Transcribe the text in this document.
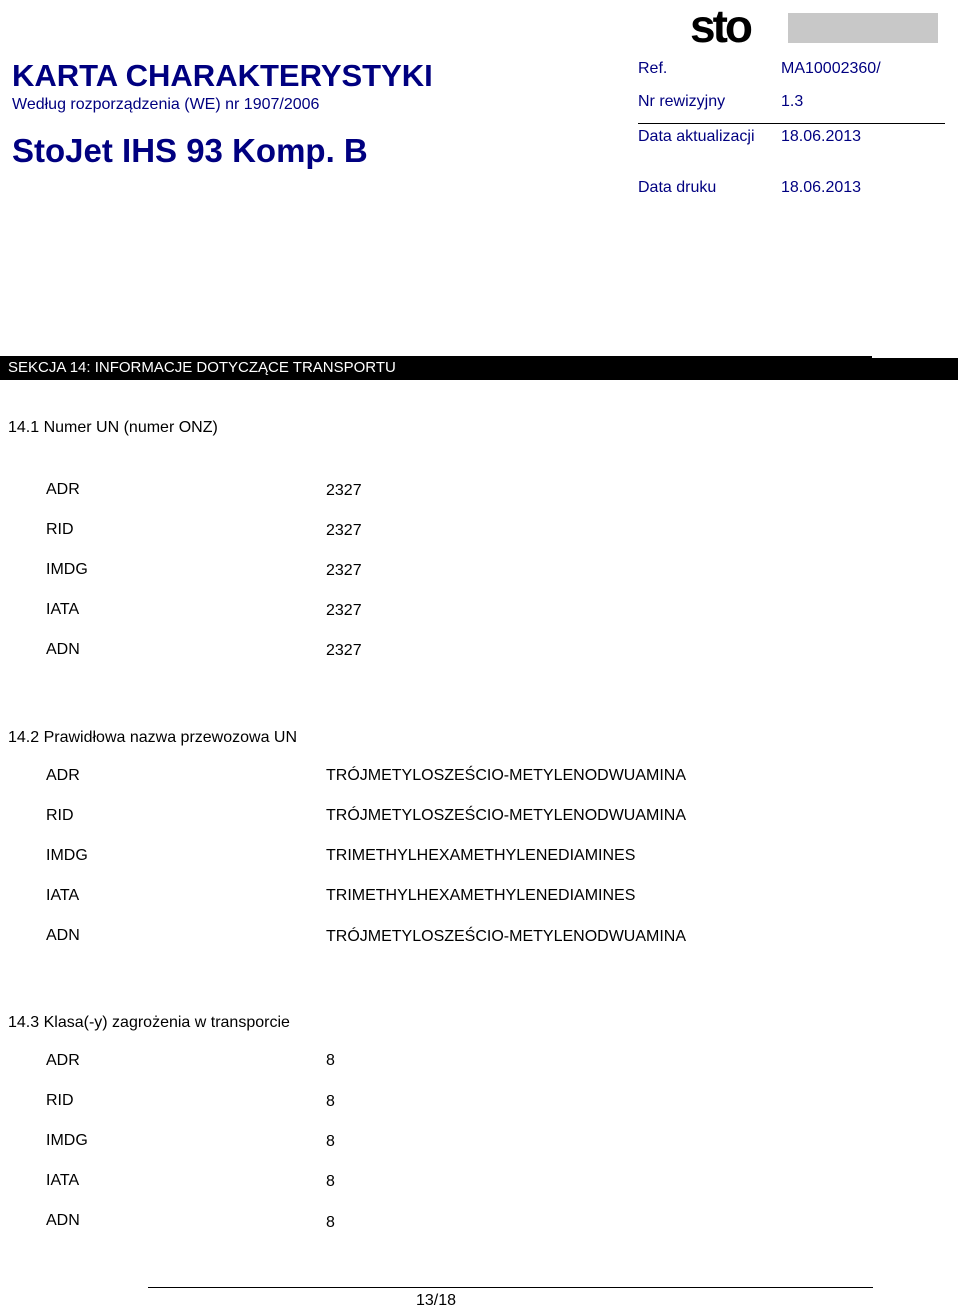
KARTA CHARAKTERYSTYKI
Według rozporządzenia (WE) nr 1907/2006
StoJet IHS 93 Komp. B
sto
Ref.	MA10002360/
Nr rewizyjny	1.3
Data aktualizacji 18.06.2013
Data druku	18.06.2013
SEKCJA 14: INFORMACJE DOTYCZĄCE TRANSPORTU
14.1 Numer UN (numer ONZ)
ADR	2327
RID	2327
IMDG	2327
IATA	2327
ADN	2327
14.2 Prawidłowa nazwa przewozowa UN
ADR	TRÓJMETYLOSZEŚCIO-METYLENODWUAMINA
RID	TRÓJMETYLOSZEŚCIO-METYLENODWUAMINA
IMDG	TRIMETHYLHEXAMETHYLENEDIAMINES
IATA	TRIMETHYLHEXAMETHYLENEDIAMINES
ADN	TRÓJMETYLOSZEŚCIO-METYLENODWUAMINA
14.3 Klasa(-y) zagrożenia w transporcie
ADR	8
RID	8
IMDG	8
IATA	8
ADN	8
13/18
